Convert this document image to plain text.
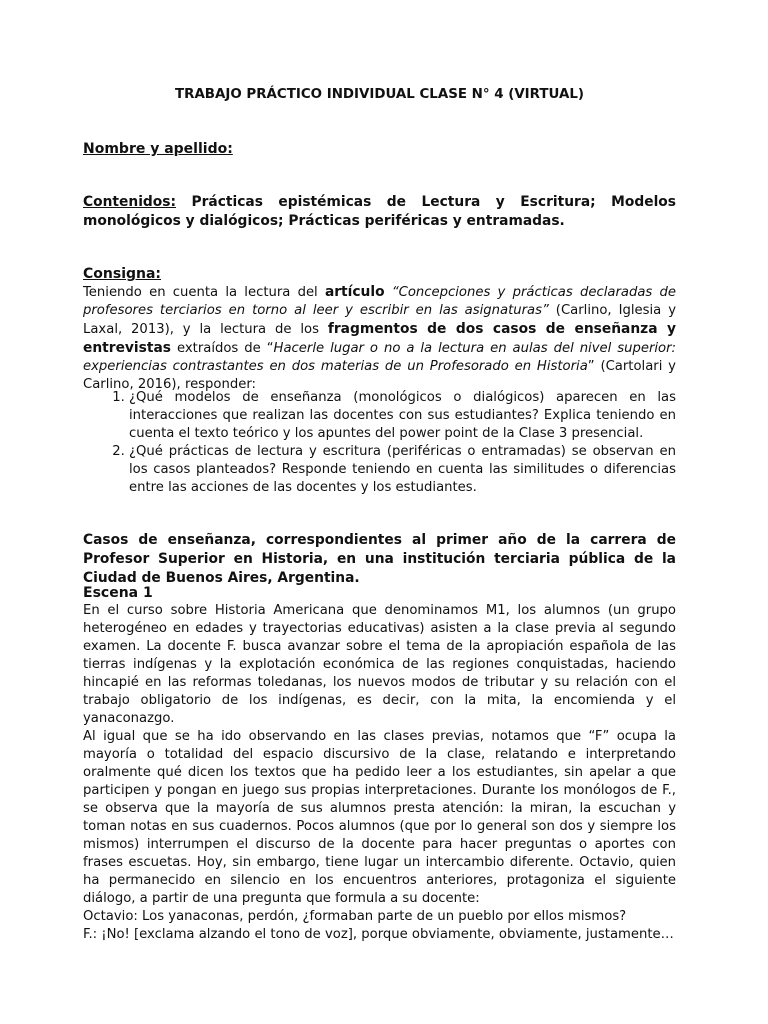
TRABAJO PRÁCTICO INDIVIDUAL CLASE N° 4 (VIRTUAL)
Nombre y apellido:
Contenidos: Prácticas epistémicas de Lectura y Escritura; Modelos monológicos y dialógicos; Prácticas periféricas y entramadas.
Consigna:
Teniendo en cuenta la lectura del artículo “Concepciones y prácticas declaradas de profesores terciarios en torno al leer y escribir en las asignaturas” (Carlino, Iglesia y Laxal, 2013), y la lectura de los fragmentos de dos casos de enseñanza y entrevistas extraídos de “Hacerle lugar o no a la lectura en aulas del nivel superior: experiencias contrastantes en dos materias de un Profesorado en Historia” (Cartolari y Carlino, 2016), responder:
1. ¿Qué modelos de enseñanza (monológicos o dialógicos) aparecen en las interacciones que realizan las docentes con sus estudiantes? Explica teniendo en cuenta el texto teórico y los apuntes del power point de la Clase 3 presencial.
2. ¿Qué prácticas de lectura y escritura (periféricas o entramadas) se observan en los casos planteados? Responde teniendo en cuenta las similitudes o diferencias entre las acciones de las docentes y los estudiantes.
Casos de enseñanza, correspondientes al primer año de la carrera de Profesor Superior en Historia, en una institución terciaria pública de la Ciudad de Buenos Aires, Argentina.
Escena 1

En el curso sobre Historia Americana que denominamos M1, los alumnos (un grupo heterogéneo en edades y trayectorias educativas) asisten a la clase previa al segundo examen. La docente F. busca avanzar sobre el tema de la apropiación española de las tierras indígenas y la explotación económica de las regiones conquistadas, haciendo hincapié en las reformas toledanas, los nuevos modos de tributar y su relación con el trabajo obligatorio de los indígenas, es decir, con la mita, la encomienda y el yanaconazgo.

Al igual que se ha ido observando en las clases previas, notamos que “F” ocupa la mayoría o totalidad del espacio discursivo de la clase, relatando e interpretando oralmente qué dicen los textos que ha pedido leer a los estudiantes, sin apelar a que participen y pongan en juego sus propias interpretaciones. Durante los monólogos de F., se observa que la mayoría de sus alumnos presta atención: la miran, la escuchan y toman notas en sus cuadernos. Pocos alumnos (que por lo general son dos y siempre los mismos) interrumpen el discurso de la docente para hacer preguntas o aportes con frases escuetas. Hoy, sin embargo, tiene lugar un intercambio diferente. Octavio, quien ha permanecido en silencio en los encuentros anteriores, protagoniza el siguiente diálogo, a partir de una pregunta que formula a su docente:

Octavio: Los yanaconas, perdón, ¿formaban parte de un pueblo por ellos mismos?

F.: ¡No! [exclama alzando el tono de voz], porque obviamente, obviamente, justamente…
